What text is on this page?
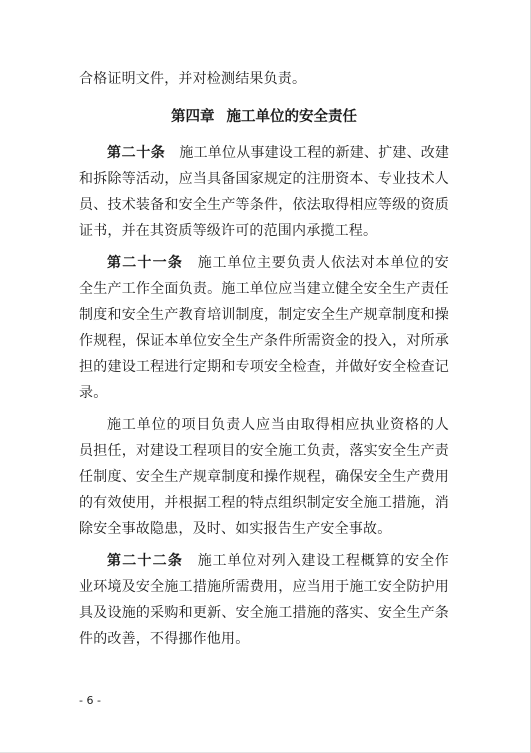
合格证明文件，并对检测结果负责。
第四章 施工单位的安全责任
第二十条 施工单位从事建设工程的新建、扩建、改建
和拆除等活动，应当具备国家规定的注册资本、专业技术人
员、技术装备和安全生产等条件，依法取得相应等级的资质
证书，并在其资质等级许可的范围内承揽工程。
第二十一条 施工单位主要负责人依法对本单位的安
全生产工作全面负责。施工单位应当建立健全安全生产责任
制度和安全生产教育培训制度，制定安全生产规章制度和操
作规程，保证本单位安全生产条件所需资金的投入，对所承
担的建设工程进行定期和专项安全检查，并做好安全检查记
录。
施工单位的项目负责人应当由取得相应执业资格的人
员担任，对建设工程项目的安全施工负责，落实安全生产责
任制度、安全生产规章制度和操作规程，确保安全生产费用
的有效使用，并根据工程的特点组织制定安全施工措施，消
除安全事故隐患，及时、如实报告生产安全事故。
第二十二条 施工单位对列入建设工程概算的安全作
业环境及安全施工措施所需费用，应当用于施工安全防护用
具及设施的采购和更新、安全施工措施的落实、安全生产条
件的改善，不得挪作他用。
- 6 -
